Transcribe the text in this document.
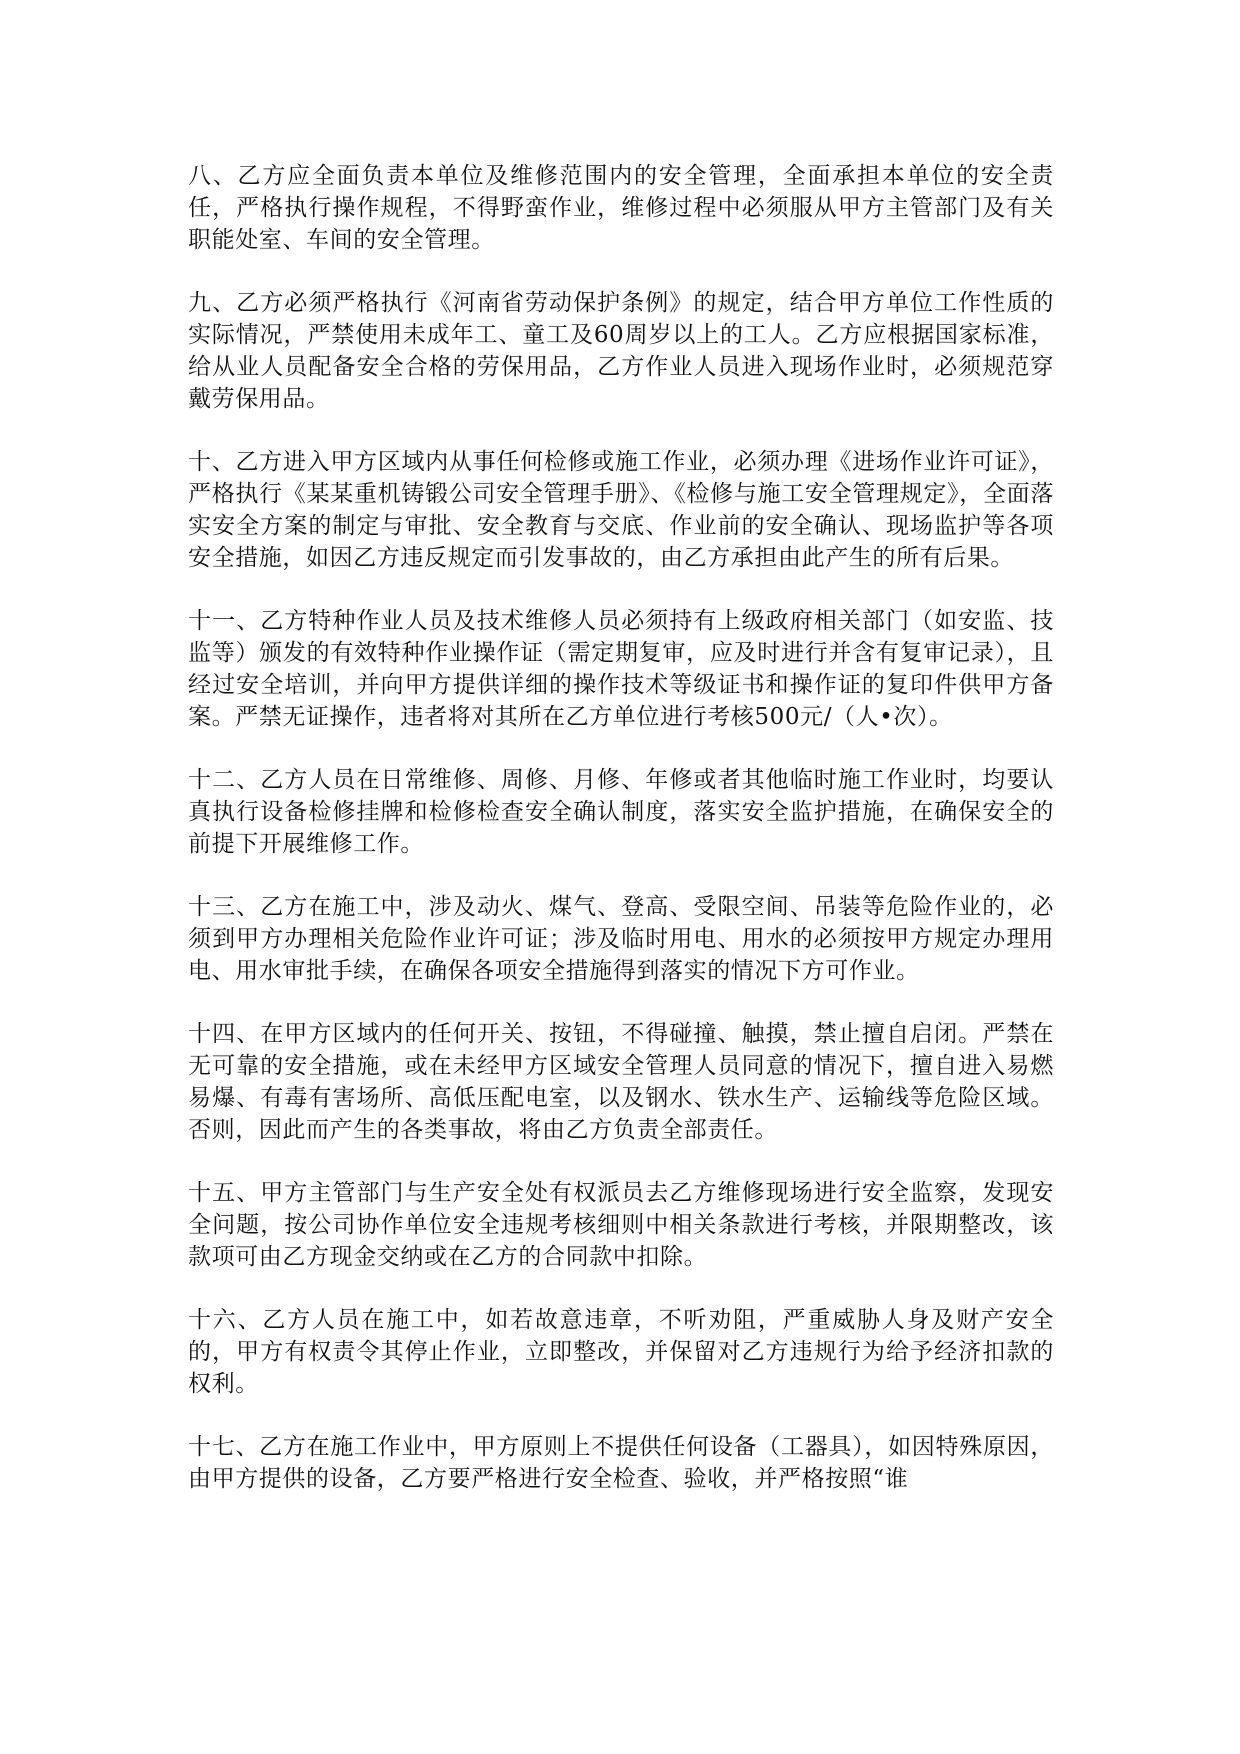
八、乙方应全面负责本单位及维修范围内的安全管理，全面承担本单位的安全责任，严格执行操作规程，不得野蛮作业，维修过程中必须服从甲方主管部门及有关职能处室、车间的安全管理。

九、乙方必须严格执行《河南省劳动保护条例》的规定，结合甲方单位工作性质的实际情况，严禁使用未成年工、童工及60周岁以上的工人。乙方应根据国家标准，给从业人员配备安全合格的劳保用品，乙方作业人员进入现场作业时，必须规范穿戴劳保用品。

十、乙方进入甲方区域内从事任何检修或施工作业，必须办理《进场作业许可证》，严格执行《某某重机铸锻公司安全管理手册》、《检修与施工安全管理规定》，全面落实安全方案的制定与审批、安全教育与交底、作业前的安全确认、现场监护等各项安全措施，如因乙方违反规定而引发事故的，由乙方承担由此产生的所有后果。

十一、乙方特种作业人员及技术维修人员必须持有上级政府相关部门（如安监、技监等）颁发的有效特种作业操作证（需定期复审，应及时进行并含有复审记录），且经过安全培训，并向甲方提供详细的操作技术等级证书和操作证的复印件供甲方备案。严禁无证操作，违者将对其所在乙方单位进行考核500元/（人•次）。

十二、乙方人员在日常维修、周修、月修、年修或者其他临时施工作业时，均要认真执行设备检修挂牌和检修检查安全确认制度，落实安全监护措施，在确保安全的前提下开展维修工作。

十三、乙方在施工中，涉及动火、煤气、登高、受限空间、吊装等危险作业的，必须到甲方办理相关危险作业许可证；涉及临时用电、用水的必须按甲方规定办理用电、用水审批手续，在确保各项安全措施得到落实的情况下方可作业。

十四、在甲方区域内的任何开关、按钮，不得碰撞、触摸，禁止擅自启闭。严禁在无可靠的安全措施，或在未经甲方区域安全管理人员同意的情况下，擅自进入易燃易爆、有毒有害场所、高低压配电室，以及钢水、铁水生产、运输线等危险区域。否则，因此而产生的各类事故，将由乙方负责全部责任。

十五、甲方主管部门与生产安全处有权派员去乙方维修现场进行安全监察，发现安全问题，按公司协作单位安全违规考核细则中相关条款进行考核，并限期整改，该款项可由乙方现金交纳或在乙方的合同款中扣除。

十六、乙方人员在施工中，如若故意违章，不听劝阻，严重威胁人身及财产安全的，甲方有权责令其停止作业，立即整改，并保留对乙方违规行为给予经济扣款的权利。

十七、乙方在施工作业中，甲方原则上不提供任何设备（工器具），如因特殊原因，由甲方提供的设备，乙方要严格进行安全检查、验收，并严格按照“谁
